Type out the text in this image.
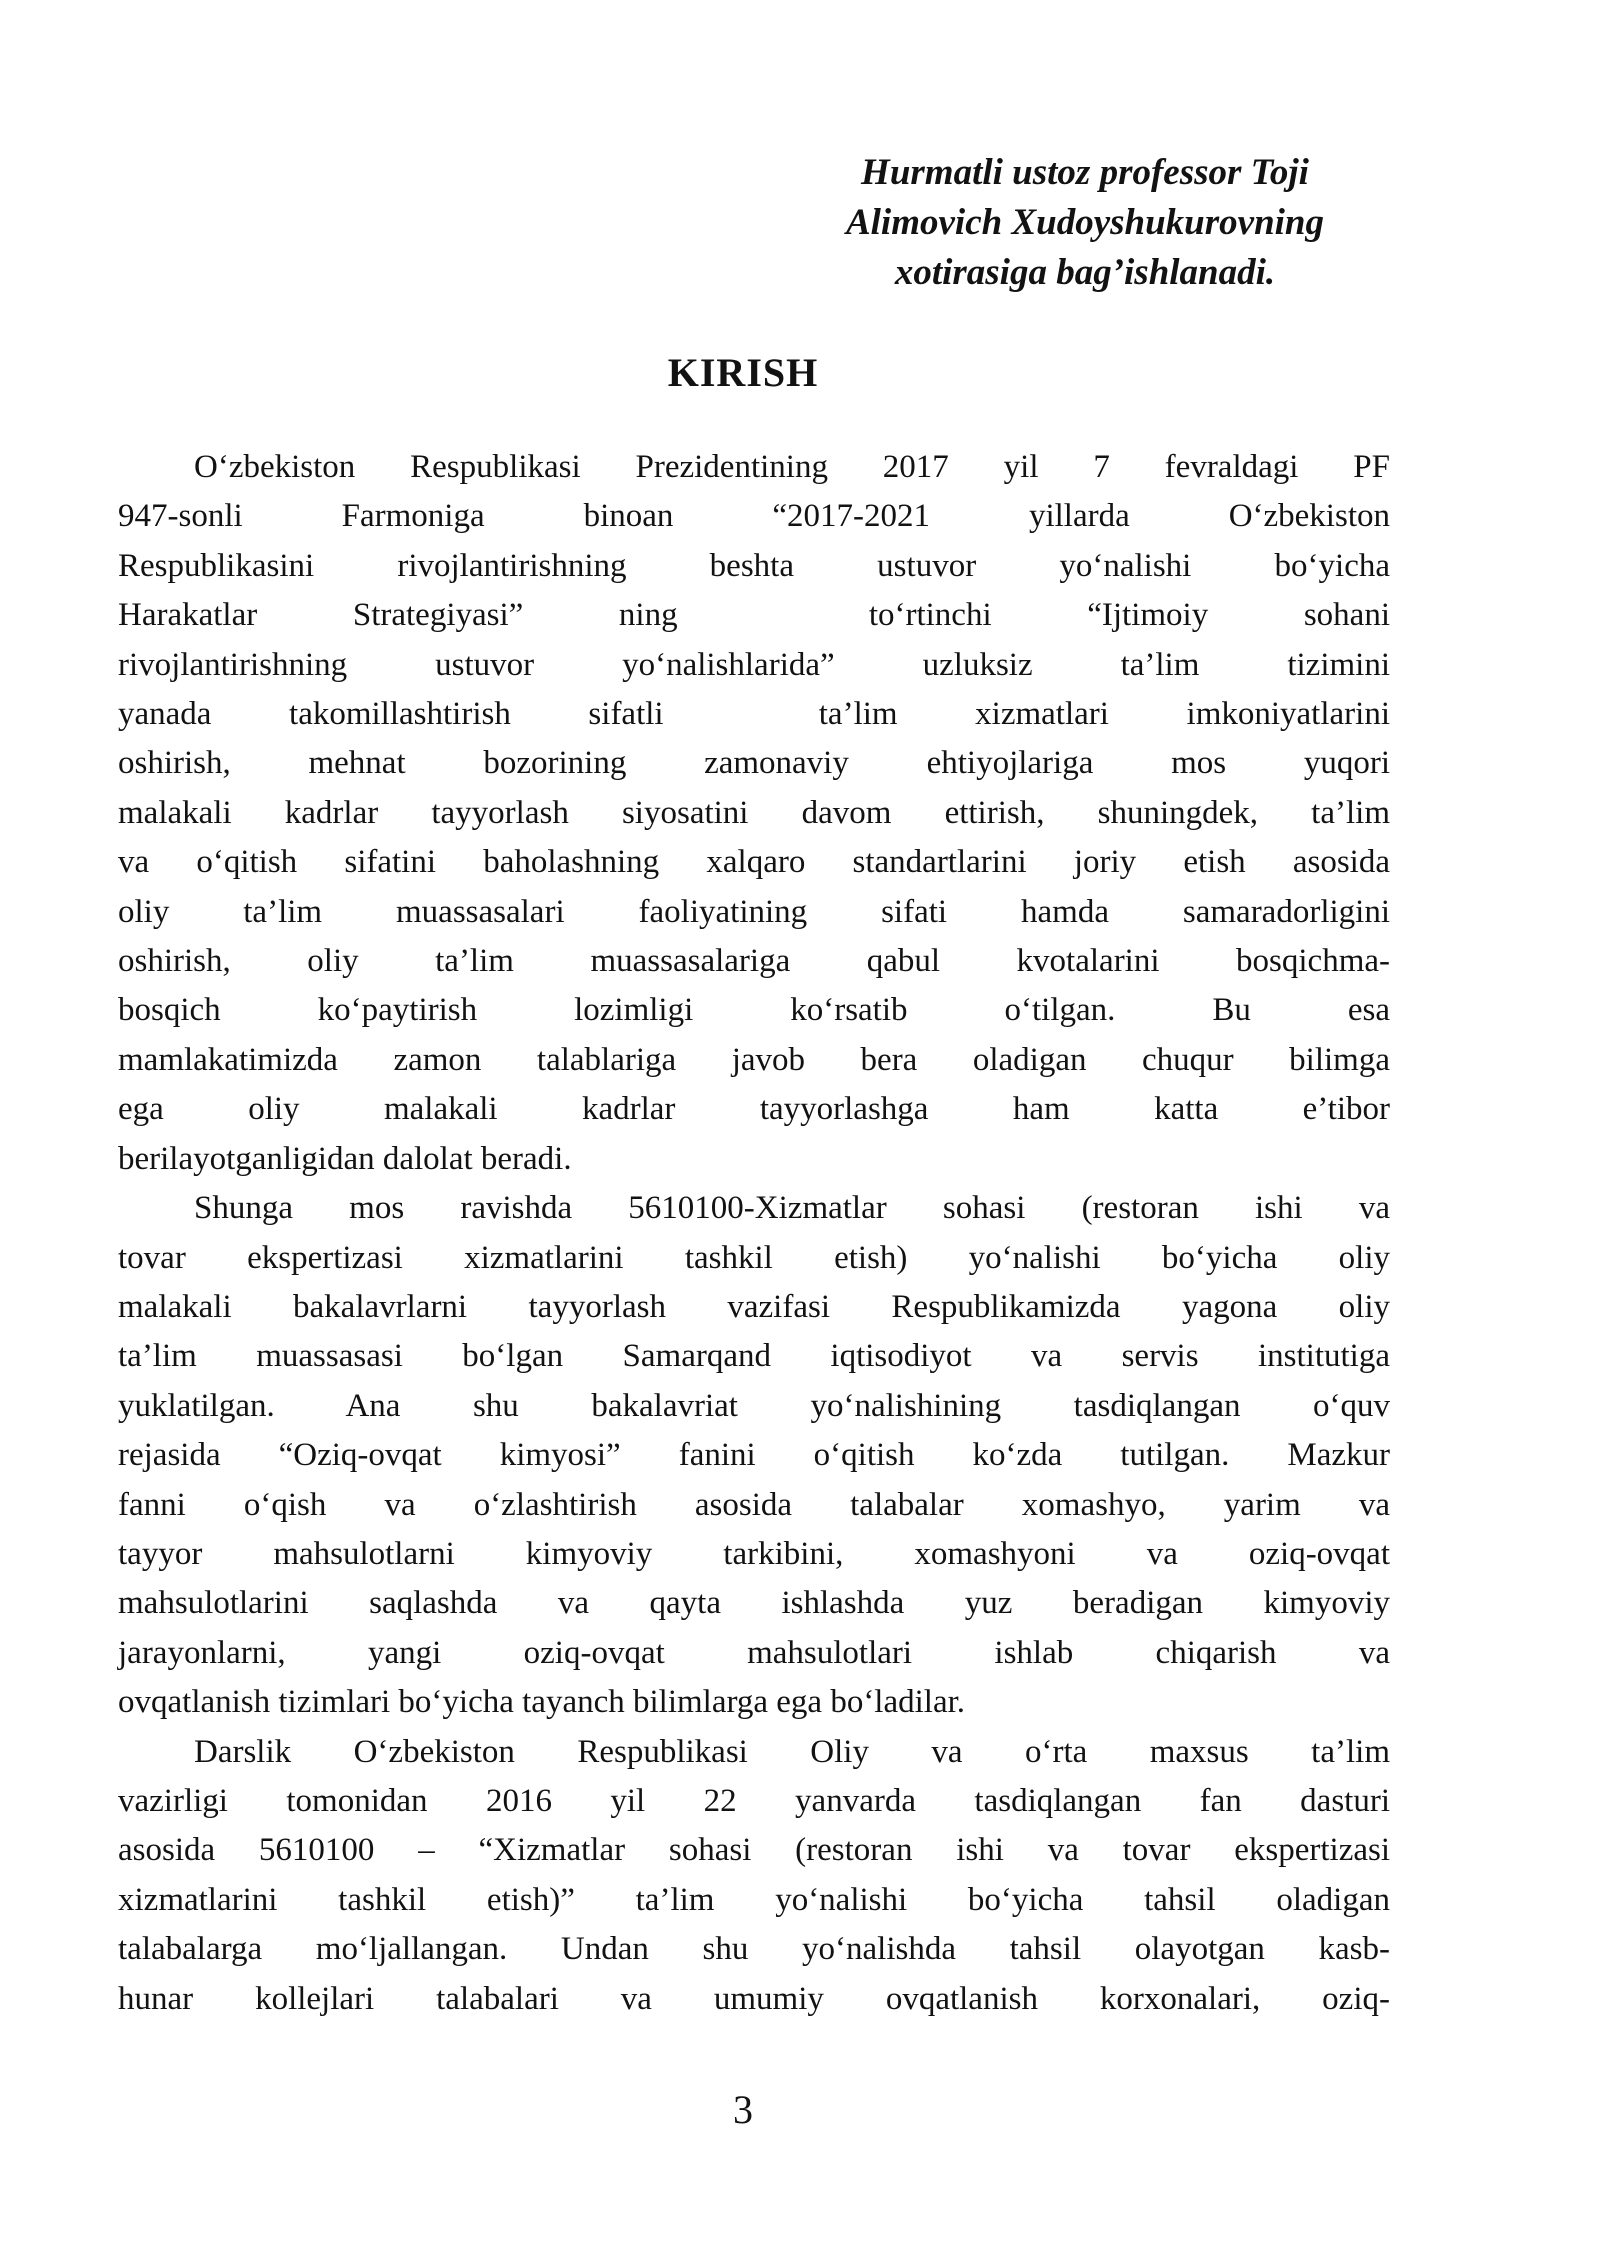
Hurmatli ustoz professor Toji
Alimovich Xudoyshukurovning
xotirasiga bag’ishlanadi.
KIRISH
O‘zbekiston Respublikasi Prezidentining 2017 yil 7 fevraldagi PF
947-sonli Farmoniga binoan “2017-2021 yillarda O‘zbekiston
Respublikasini rivojlantirishning beshta ustuvor yo‘nalishi bo‘yicha
Harakatlar Strategiyasi” ning  to‘rtinchi “Ijtimoiy sohani
rivojlantirishning ustuvor yo‘nalishlarida” uzluksiz ta’lim tizimini
yanada takomillashtirish sifatli  ta’lim xizmatlari imkoniyatlarini
oshirish, mehnat bozorining zamonaviy ehtiyojlariga mos yuqori
malakali kadrlar tayyorlash siyosatini davom ettirish, shuningdek, ta’lim
va o‘qitish sifatini baholashning xalqaro standartlarini joriy etish asosida
oliy ta’lim muassasalari faoliyatining sifati hamda samaradorligini
oshirish, oliy ta’lim muassasalariga qabul kvotalarini bosqichma-
bosqich ko‘paytirish lozimligi ko‘rsatib o‘tilgan. Bu esa
mamlakatimizda zamon talablariga javob bera oladigan chuqur bilimga
ega oliy malakali kadrlar tayyorlashga ham katta e’tibor
berilayotganligidan dalolat beradi.
Shunga mos ravishda 5610100-Xizmatlar sohasi (restoran ishi va
tovar ekspertizasi xizmatlarini tashkil etish) yo‘nalishi bo‘yicha oliy
malakali bakalavrlarni tayyorlash vazifasi Respublikamizda yagona oliy
ta’lim muassasasi bo‘lgan Samarqand iqtisodiyot va servis institutiga
yuklatilgan. Ana shu bakalavriat yo‘nalishining tasdiqlangan o‘quv
rejasida “Oziq-ovqat kimyosi” fanini o‘qitish ko‘zda tutilgan. Mazkur
fanni o‘qish va o‘zlashtirish asosida talabalar xomashyo, yarim va
tayyor mahsulotlarni kimyoviy tarkibini, xomashyoni va oziq-ovqat
mahsulotlarini saqlashda va qayta ishlashda yuz beradigan kimyoviy
jarayonlarni, yangi oziq-ovqat mahsulotlari ishlab chiqarish va
ovqatlanish tizimlari bo‘yicha tayanch bilimlarga ega bo‘ladilar.
Darslik O‘zbekiston Respublikasi Oliy va o‘rta maxsus ta’lim
vazirligi tomonidan 2016 yil 22 yanvarda tasdiqlangan fan dasturi
asosida 5610100 – “Xizmatlar sohasi (restoran ishi va tovar ekspertizasi
xizmatlarini tashkil etish)” ta’lim yo‘nalishi bo‘yicha tahsil oladigan
talabalarga mo‘ljallangan. Undan shu yo‘nalishda tahsil olayotgan kasb-
hunar kollejlari talabalari va umumiy ovqatlanish korxonalari, oziq-
3
